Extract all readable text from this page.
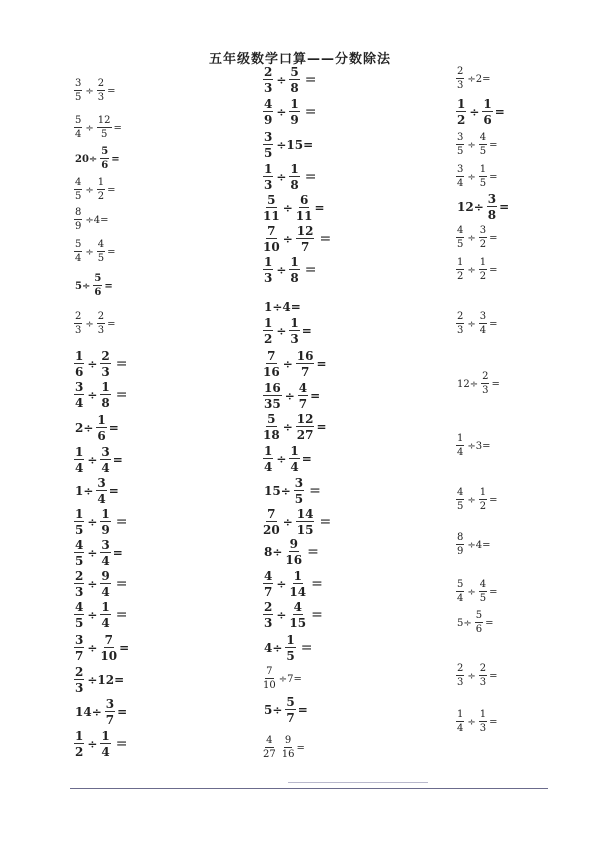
五年级数学口算——分数除法
$\frac{3}{5} \div \frac{2}{3}$ =
$\frac{5}{4} \div \frac{12}{5}$ =
$20\div \frac{5}{6}$ =
$\frac{4}{5} \div \frac{1}{2}$ =
$\frac{8}{9} \div 4=$
$\frac{5}{4} \div \frac{4}{5}$ =
$5\div \frac{5}{6}$ =
$\frac{2}{3} \div \frac{2}{3}$ =
$\frac{1}{6} \div \frac{2}{3}$ =
$\frac{3}{4} \div \frac{1}{8}$ =
$2\div \frac{1}{6}$ =
$\frac{1}{4} \div \frac{3}{4}$ =
$1\div \frac{3}{4}$ =
$\frac{1}{5} \div \frac{1}{9}$ =
$\frac{4}{5} \div \frac{3}{4}$ =
$\frac{2}{3} \div \frac{9}{4}$ =
$\frac{4}{5} \div \frac{1}{4}$ =
$\frac{3}{7} \div \frac{7}{10}$ =
$\frac{2}{3} \div 12=$
$14\div \frac{3}{7}$ =
$\frac{1}{2} \div \frac{1}{4}$ =
$\frac{2}{3} \div \frac{5}{8}$ =
$\frac{4}{9} \div \frac{1}{9}$ =
$\frac{3}{5} \div 15=$
$\frac{1}{3} \div \frac{1}{8}$ =
$\frac{5}{11} \div \frac{6}{11}$ =
$\frac{7}{10} \div \frac{12}{7}$ =
$\frac{1}{3} \div \frac{1}{8}$ =
1÷4=
$\frac{1}{2} \div \frac{1}{3}$ =
$\frac{7}{16} \div \frac{16}{7}$ =
$\frac{16}{35} \div \frac{4}{7}$ =
$\frac{5}{18} \div \frac{12}{27}$ =
$\frac{1}{4} \div \frac{1}{4}$ =
$15\div \frac{3}{5}$ =
$\frac{7}{20} \div \frac{14}{15}$ =
$8\div \frac{9}{16}$ =
$\frac{4}{7} \div \frac{1}{14}$ =
$\frac{2}{3} \div \frac{4}{15}$ =
$4\div \frac{1}{5}$ =
$\frac{7}{10} \div 7=$
$5\div \frac{5}{7}$ =
$\frac{4}{27} \frac{9}{16}$ =
$\frac{2}{3} \div 2=$
$\frac{1}{2} \div \frac{1}{6}$ =
$\frac{3}{5} \div \frac{4}{5}$ =
$\frac{3}{4} \div \frac{1}{5}$ =
$12\div \frac{3}{8}$ =
$\frac{4}{5} \div \frac{3}{2}$ =
$\frac{1}{2} \div \frac{1}{2}$ =
$\frac{2}{3} \div \frac{3}{4}$ =
$12\div \frac{2}{3}$ =
$\frac{1}{4} \div 3=$
$\frac{4}{5} \div \frac{1}{2}$ =
$\frac{8}{9} \div 4=$
$\frac{5}{4} \div \frac{4}{5}$ =
$5\div \frac{5}{6}$ =
$\frac{2}{3} \div \frac{2}{3}$ =
$\frac{1}{4} \div \frac{1}{3}$ =
